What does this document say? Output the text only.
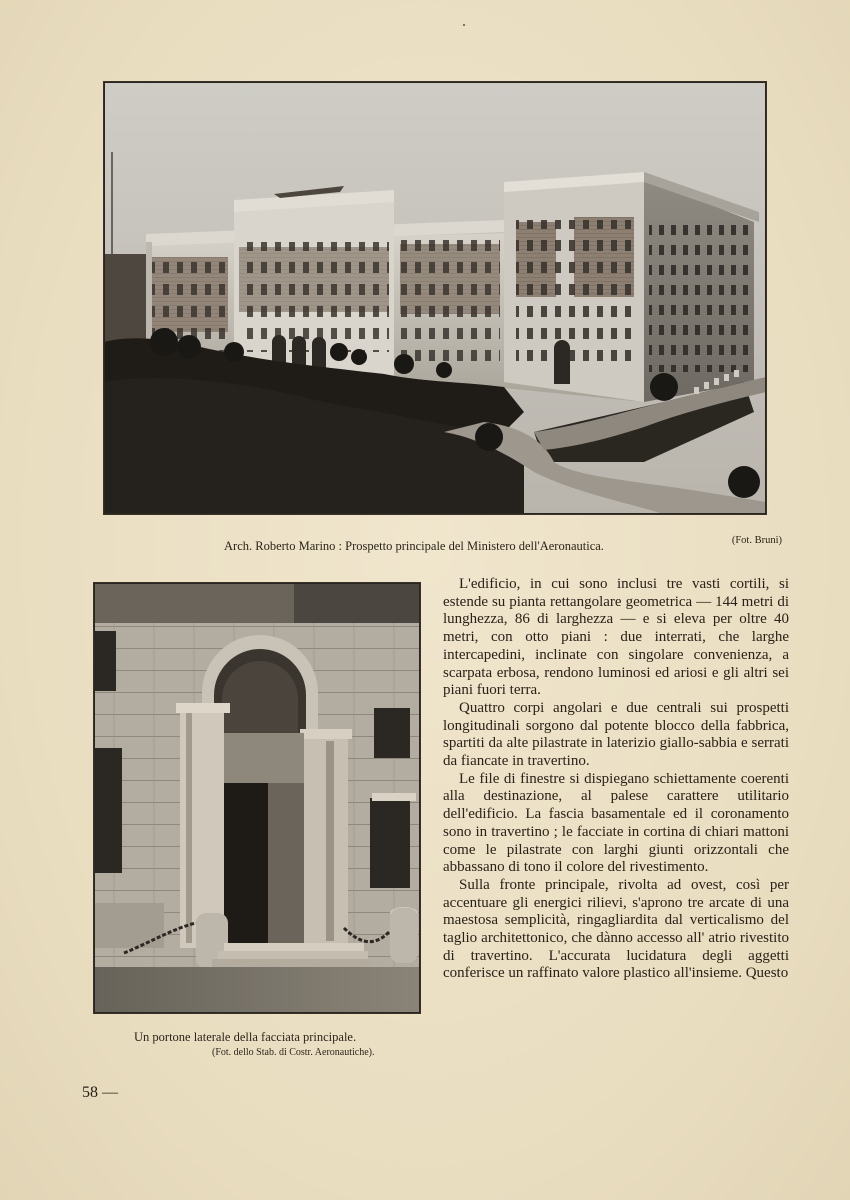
Arch. Roberto Marino : Prospetto principale del Ministero dell'Aeronautica.	(Fot. Bruni)
Un portone laterale della facciata principale.
(Fot. dello Stab. di Costr. Aeronautiche).

L'edificio, in cui sono inclusi tre vasti cortili, si estende su pianta rettangolare geometrica — 144 metri di lunghezza, 86 di larghezza — e si eleva per oltre 40 metri, con otto piani : due interrati, che larghe intercapedini, inclinate con singolare convenienza, a scarpata erbosa, rendono luminosi ed ariosi e gli altri sei piani fuori terra.

Quattro corpi angolari e due centrali sui prospetti longitudinali sorgono dal potente blocco della fabbrica, spartiti da alte pilastrate in laterizio giallo-sabbia e serrati da fiancate in travertino.

Le file di finestre si dispiegano schiettamente coerenti alla destinazione, al palese carattere utilitario dell'edificio. La fascia basamentale ed il coronamento sono in travertino ; le facciate in cortina di chiari mattoni come le pilastrate con larghi giunti orizzontali che abbassano di tono il colore del rivestimento.

Sulla fronte principale, rivolta ad ovest, così per accentuare gli energici rilievi, s'aprono tre arcate di una maestosa semplicità, ringagliardita dal verticalismo del taglio architettonico, che dànno accesso all' atrio rivestito di travertino. L'accurata lucidatura degli aggetti conferisce un raffinato valore plastico all'insieme. Questo

58 —
